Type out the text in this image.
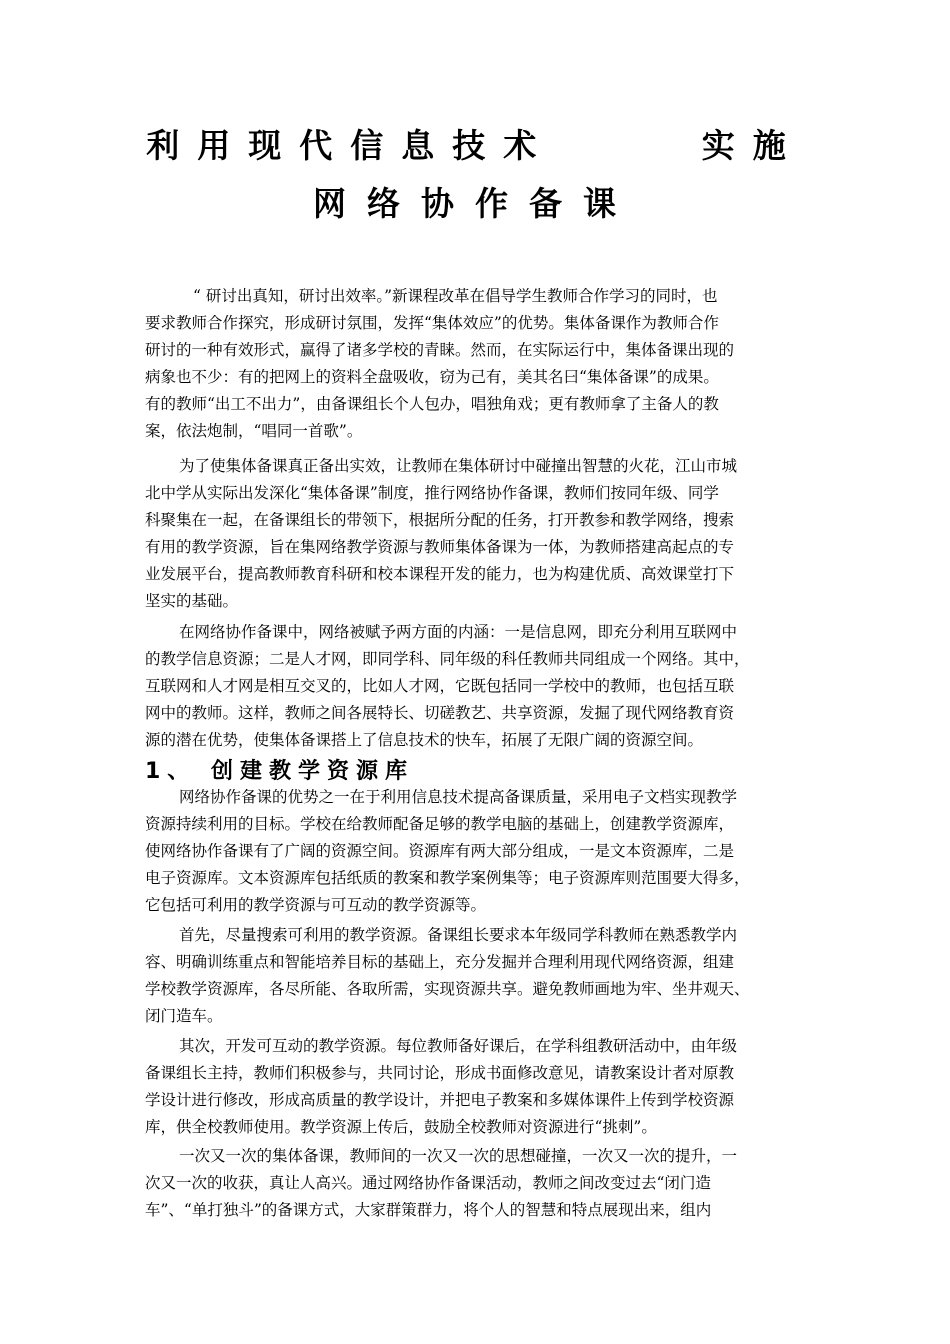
利用现代信息技术     实施
网络协作备课
“ 研讨出真知，研讨出效率。”新课程改革在倡导学生教师合作学习的同时，也
要求教师合作探究，形成研讨氛围，发挥“集体效应”的优势。集体备课作为教师合作
研讨的一种有效形式，赢得了诸多学校的青睐。然而，在实际运行中，集体备课出现的
病象也不少：有的把网上的资料全盘吸收，窃为己有，美其名曰“集体备课”的成果。
有的教师“出工不出力”，由备课组长个人包办，唱独角戏；更有教师拿了主备人的教
案，依法炮制，“唱同一首歌”。
为了使集体备课真正备出实效，让教师在集体研讨中碰撞出智慧的火花，江山市城
北中学从实际出发深化“集体备课”制度，推行网络协作备课，教师们按同年级、同学
科聚集在一起，在备课组长的带领下，根据所分配的任务，打开教参和教学网络，搜索
有用的教学资源，旨在集网络教学资源与教师集体备课为一体，为教师搭建高起点的专
业发展平台，提高教师教育科研和校本课程开发的能力，也为构建优质、高效课堂打下
坚实的基础。
在网络协作备课中，网络被赋予两方面的内涵：一是信息网，即充分利用互联网中
的教学信息资源；二是人才网，即同学科、同年级的科任教师共同组成一个网络。其中，
互联网和人才网是相互交叉的，比如人才网，它既包括同一学校中的教师，也包括互联
网中的教师。这样，教师之间各展特长、切磋教艺、共享资源，发掘了现代网络教育资
源的潜在优势，使集体备课搭上了信息技术的快车，拓展了无限广阔的资源空间。
1、 创建教学资源库
网络协作备课的优势之一在于利用信息技术提高备课质量，采用电子文档实现教学
资源持续利用的目标。学校在给教师配备足够的教学电脑的基础上，创建教学资源库，
使网络协作备课有了广阔的资源空间。资源库有两大部分组成，一是文本资源库，二是
电子资源库。文本资源库包括纸质的教案和教学案例集等；电子资源库则范围要大得多，
它包括可利用的教学资源与可互动的教学资源等。
首先，尽量搜索可利用的教学资源。备课组长要求本年级同学科教师在熟悉教学内
容、明确训练重点和智能培养目标的基础上，充分发掘并合理利用现代网络资源，组建
学校教学资源库，各尽所能、各取所需，实现资源共享。避免教师画地为牢、坐井观天、
闭门造车。
其次，开发可互动的教学资源。每位教师备好课后，在学科组教研活动中，由年级
备课组长主持，教师们积极参与，共同讨论，形成书面修改意见，请教案设计者对原教
学设计进行修改，形成高质量的教学设计，并把电子教案和多媒体课件上传到学校资源
库，供全校教师使用。教学资源上传后，鼓励全校教师对资源进行“挑刺”。
一次又一次的集体备课，教师间的一次又一次的思想碰撞，一次又一次的提升，一
次又一次的收获，真让人高兴。通过网络协作备课活动，教师之间改变过去“闭门造
车”、“单打独斗”的备课方式，大家群策群力，将个人的智慧和特点展现出来，组内
